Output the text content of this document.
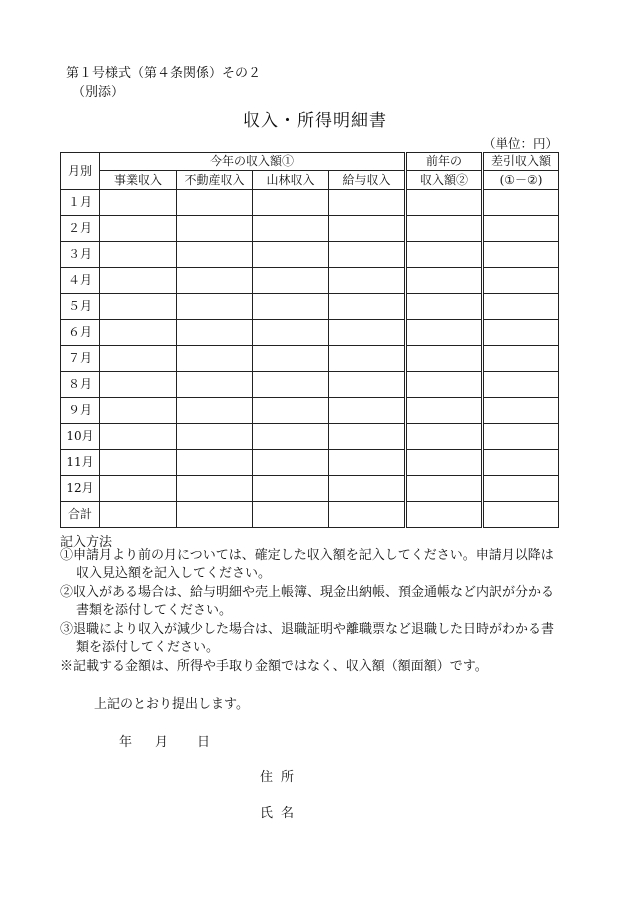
第１号様式（第４条関係）その２
（別添）
収入・所得明細書
（単位：円）
月別	今年の収入額①				前年の	差引収入額
	事業収入	不動産収入	山林収入	給与収入	収入額②	(①－②)
１月						
２月						
３月						
４月						
５月						
６月						
７月						
８月						
９月						
10月						
11月						
12月						
合計						
記入方法
①申請月より前の月については、確定した収入額を記入してください。申請月以降は
収入見込額を記入してください。
②収入がある場合は、給与明細や売上帳簿、現金出納帳、預金通帳など内訳が分かる
書類を添付してください。
③退職により収入が減少した場合は、退職証明や離職票など退職した日時がわかる書
類を添付してください。
※記載する金額は、所得や手取り金額ではなく、収入額（額面額）です。
上記のとおり提出します。
年 月 日
住所
氏名
